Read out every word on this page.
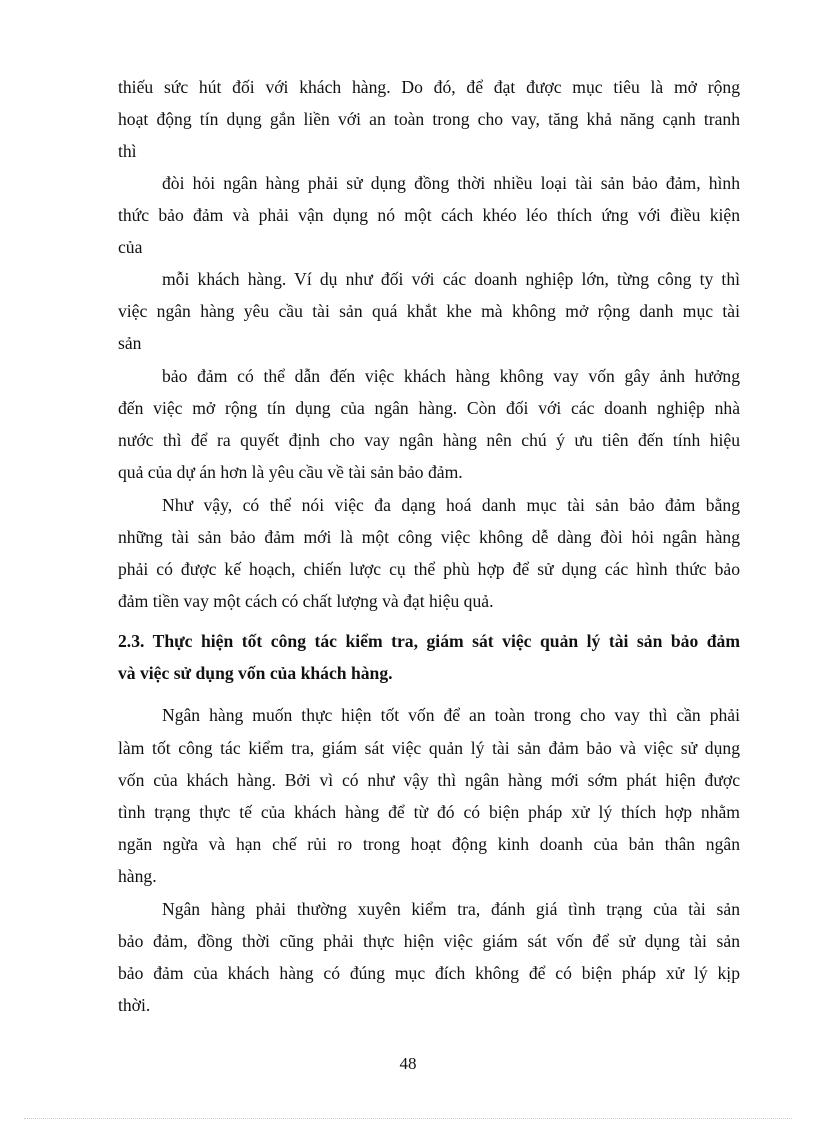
thiếu sức hút đối với khách hàng. Do đó, để đạt được mục tiêu là mở rộng
hoạt động tín dụng gắn liền với an toàn trong cho vay, tăng khả năng cạnh tranh
thì
đòi hỏi ngân hàng phải sử dụng đồng thời nhiều loại tài sản bảo đảm, hình
thức bảo đảm và phải vận dụng nó một cách khéo léo thích ứng với điều kiện
của
mỗi khách hàng. Ví dụ như đối với các doanh nghiệp lớn, từng công ty thì
việc ngân hàng yêu cầu tài sản quá khắt khe mà không mở rộng danh mục tài
sản
bảo đảm có thể dẫn đến việc khách hàng không vay vốn gây ảnh hưởng
đến việc mở rộng tín dụng của ngân hàng. Còn đối với các doanh nghiệp nhà
nước thì để ra quyết định cho vay ngân hàng nên chú ý ưu tiên đến tính hiệu
quả của dự án hơn là yêu cầu về tài sản bảo đảm.
Như vậy, có thể nói việc đa dạng hoá danh mục tài sản bảo đảm bằng
những tài sản bảo đảm mới là một công việc không dễ dàng đòi hỏi ngân hàng
phải có được kế hoạch, chiến lược cụ thể phù hợp để sử dụng các hình thức bảo
đảm tiền vay một cách có chất lượng và đạt hiệu quả.
2.3. Thực hiện tốt công tác kiểm tra, giám sát việc quản lý tài sản bảo đảm
và việc sử dụng vốn của khách hàng.
Ngân hàng muốn thực hiện tốt vốn để an toàn trong cho vay thì cần phải
làm tốt công tác kiểm tra, giám sát việc quản lý tài sản đảm bảo và việc sử dụng
vốn của khách hàng. Bởi vì có như vậy thì ngân hàng mới sớm phát hiện được
tình trạng thực tế của khách hàng để từ đó có biện pháp xử lý thích hợp nhằm
ngăn ngừa và hạn chế rủi ro trong hoạt động kinh doanh của bản thân ngân
hàng.
Ngân hàng phải thường xuyên kiểm tra, đánh giá tình trạng của tài sản
bảo đảm, đồng thời cũng phải thực hiện việc giám sát vốn để sử dụng tài sản
bảo đảm của khách hàng có đúng mục đích không để có biện pháp xử lý kịp
thời.
48
